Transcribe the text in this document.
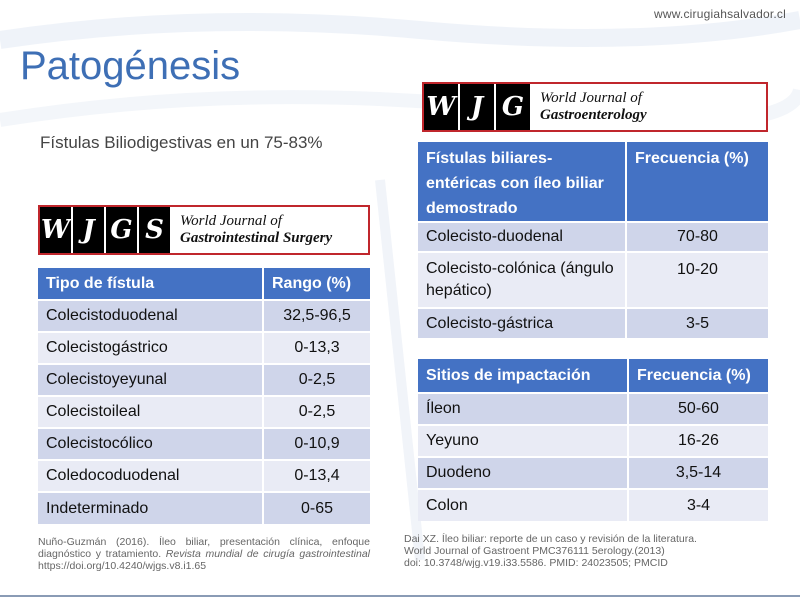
www.cirugiahsalvador.cl
Patogénesis
Fístulas Biliodigestivas en un 75-83%
W J G	World Journal of
Gastroenterology
W J G S	World Journal of
Gastrointestinal Surgery
Tipo de fístula	Rango (%)
Colecistoduodenal	32,5-96,5
Colecistogástrico	0-13,3
Colecistoyeyunal	0-2,5
Colecistoileal	0-2,5
Colecistocólico	0-10,9
Coledocoduodenal	0-13,4
Indeterminado	0-65
Fístulas biliares-entéricas con íleo biliar demostrado	Frecuencia (%)
Colecisto-duodenal	70-80
Colecisto-colónica (ángulo hepático)	10-20
Colecisto-gástrica	3-5
Sitios de impactación	Frecuencia (%)
Íleon	50-60
Yeyuno	16-26
Duodeno	3,5-14
Colon	3-4
Nuño-Guzmán (2016). Íleo biliar, presentación clínica, enfoque diagnóstico y tratamiento. Revista mundial de cirugía gastrointestinal https://doi.org/10.4240/wjgs.v8.i1.65
Dai XZ. Íleo biliar: reporte de un caso y revisión de la literatura.
World Journal of Gastroent PMC376111 5erology.(2013)
doi: 10.3748/wjg.v19.i33.5586. PMID: 24023505; PMCID
